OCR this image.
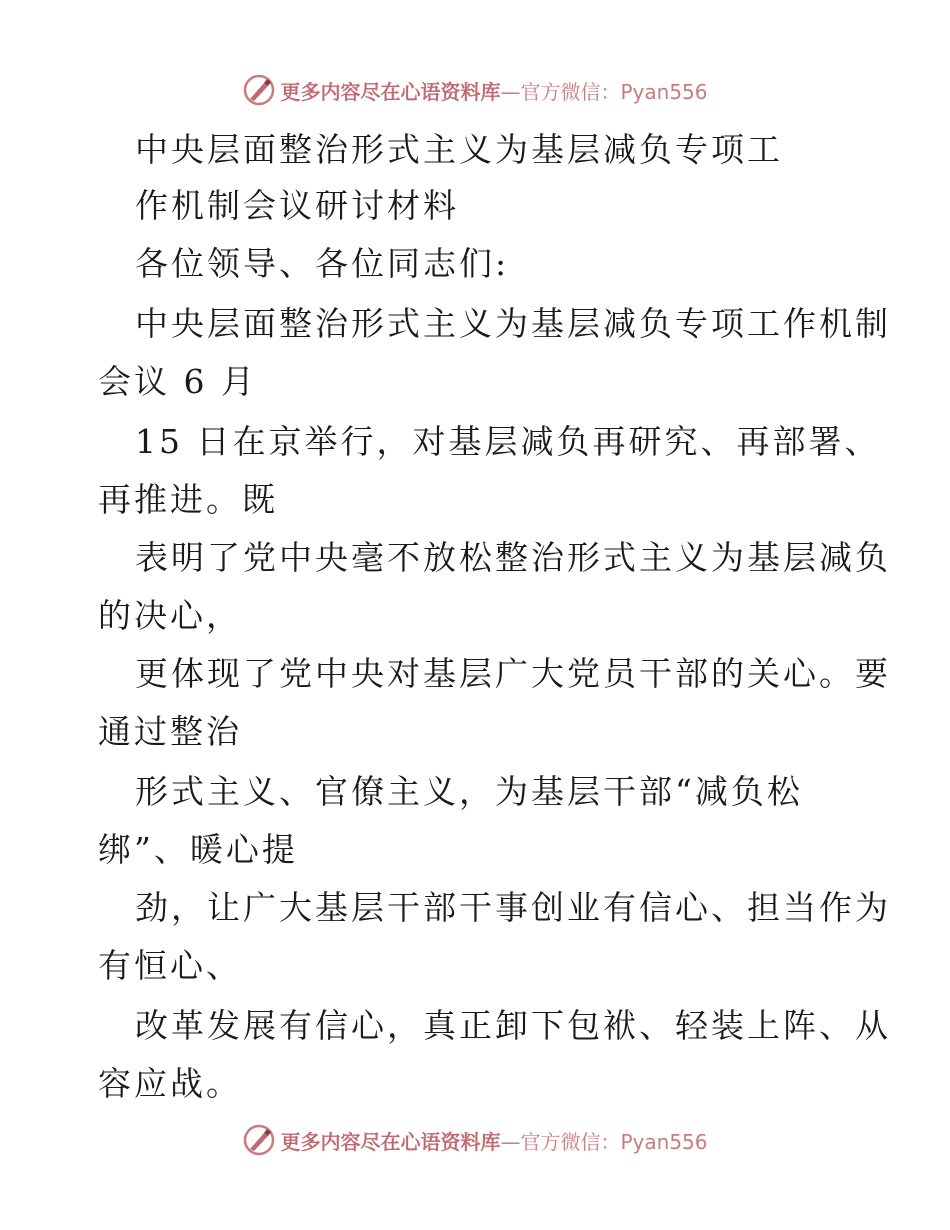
更多内容尽在心语资料库—官方微信：Pyan556
中央层面整治形式主义为基层减负专项工
作机制会议研讨材料
各位领导、各位同志们:
中央层面整治形式主义为基层减负专项工作机制
会议 6 月
15 日在京举行，对基层减负再研究、再部署、
再推进。既
表明了党中央毫不放松整治形式主义为基层减负
的决心，
更体现了党中央对基层广大党员干部的关心。要
通过整治
形式主义、官僚主义，为基层干部“减负松
绑”、暖心提
劲，让广大基层干部干事创业有信心、担当作为
有恒心、
改革发展有信心，真正卸下包袱、轻装上阵、从
容应战。
更多内容尽在心语资料库—官方微信：Pyan556
